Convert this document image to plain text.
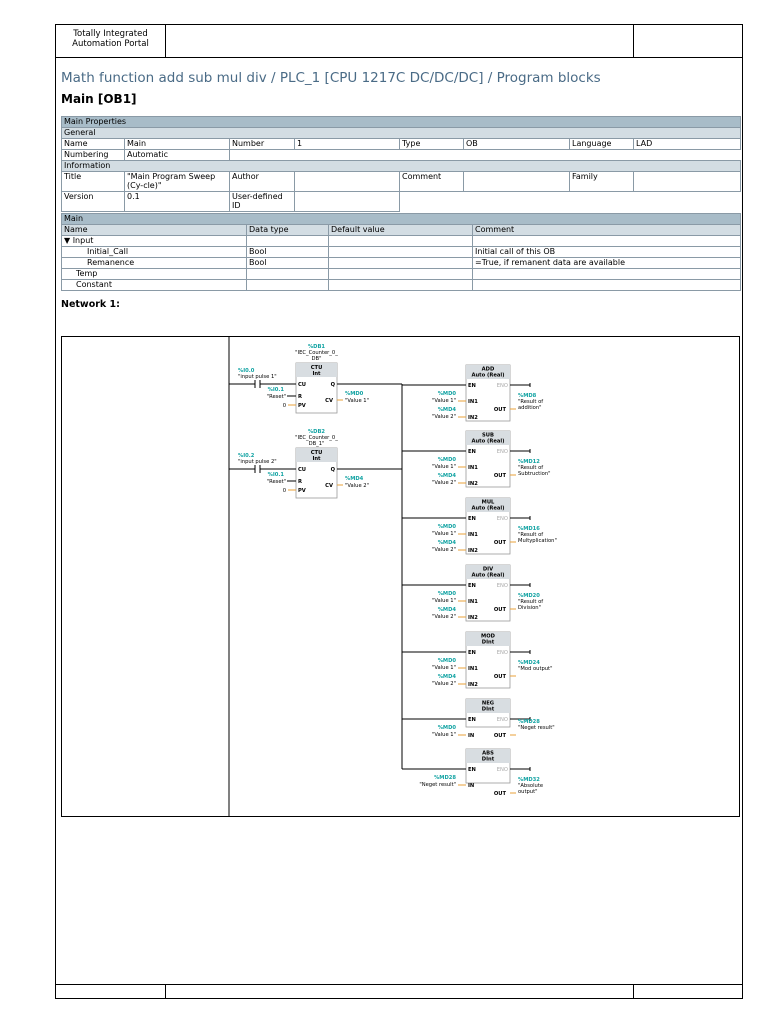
Totally Integrated
Automation Portal
Math function add sub mul div / PLC_1 [CPU 1217C DC/DC/DC] / Program blocks
Main [OB1]
Main Properties							
General							
Name	Main	Number	1	Type	OB	Language	LAD
Numbering	Automatic						
Information							
Title	"Main Program Sweep (Cy-cle)"	Author		Comment		Family	
Version	0.1	User-defined ID					
Main			
Name	Data type	Default value	Comment
▼ Input			
Initial_Call	Bool		Initial call of this OB
Remanence	Bool		=True, if remanent data are available
Temp			
Constant			
Network 1:
%DB1
"IEC_Counter_0_
DB"
CTU
Int
%I0.0
"input pulse 1"
CU
%I0.1
"Reset" R
0 PV
Q
CV
%MD0
"Value 1"
%DB2
"IEC_Counter_0_
DB_1"
CTU
Int
%I0.2
"input pulse 2"
CU
%I0.1
"Reset" R
0 PV
Q
CV
%MD4
"Value 2"
ADD
Auto (Real)
EN	ENO
IN1
%MD0
"Value 1"
IN2
%MD4
"Value 2"
OUT
%MD8
"Result of
addition"
SUB
Auto (Real)
EN	ENO
IN1
%MD0
"Value 1"
IN2
%MD4
"Value 2"
OUT
%MD12
"Result of
Subtruction"
MUL
Auto (Real)
EN	ENO
IN1
%MD0
"Value 1"
IN2
%MD4
"Value 2"
OUT
%MD16
"Result of
Multyplication"
DIV
Auto (Real)
EN	ENO
IN1
%MD0
"Value 1"
IN2
%MD4
"Value 2"
OUT
%MD20
"Result of
Division"
MOD
DInt
EN	ENO
IN1
%MD0
"Value 1"
IN2
%MD4
"Value 2"
OUT
%MD24
"Mod output"
NEG
DInt
EN	ENO
IN
%MD0
"Value 1"	OUT
%MD28
"Neget result"
ABS
DInt
EN	ENO
IN
%MD28
"Neget result"
OUT
%MD32
"Absolute
output"
